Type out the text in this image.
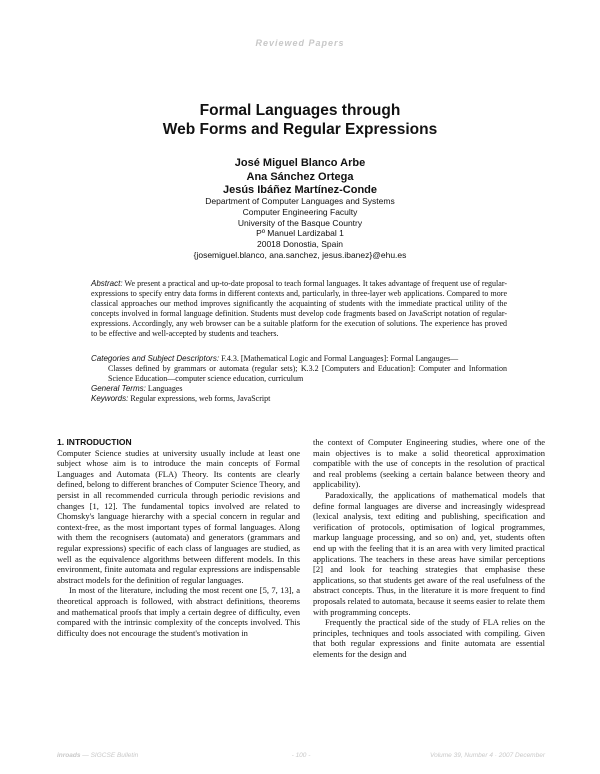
Reviewed Papers
Formal Languages through
Web Forms and Regular Expressions
José Miguel Blanco Arbe
Ana Sánchez Ortega
Jesús Ibáñez Martínez-Conde
Department of Computer Languages and Systems
Computer Engineering Faculty
University of the Basque Country
Pº Manuel Lardizabal 1
20018 Donostia, Spain
{josemiguel.blanco, ana.sanchez, jesus.ibanez}@ehu.es
Abstract: We present a practical and up-to-date proposal to teach formal languages. It takes advantage of frequent use of regular-expressions to specify entry data forms in different contexts and, particularly, in three-layer web applications. Compared to more classical approaches our method improves significantly the acquainting of students with the immediate practical utility of the concepts involved in formal language definition. Students must develop code fragments based on JavaScript notation of regular-expressions. Accordingly, any web browser can be a suitable platform for the execution of solutions. The experience has proved to be effective and well-accepted by students and teachers.

Categories and Subject Descriptors: F.4.3. [Mathematical Logic and Formal Languages]: Formal Langauges—

Classes defined by grammars or automata (regular sets); K.3.2 [Computers and Education]: Computer and Information Science Education—computer science education, curriculum

General Terms: Languages

Keywords: Regular expressions, web forms, JavaScript

1. INTRODUCTION

Computer Science studies at university usually include at least one subject whose aim is to introduce the main concepts of Formal Languages and Automata (FLA) Theory. Its contents are clearly defined, belong to different branches of Computer Science Theory, and persist in all recommended curricula through periodic revisions and changes [1, 12]. The fundamental topics involved are related to Chomsky's language hierarchy with a special concern in regular and context-free, as the most important types of formal languages. Along with them the recognisers (automata) and generators (grammars and regular expressions) specific of each class of languages are studied, as well as the equivalence algorithms between different models. In this environment, finite automata and regular expressions are indispensable abstract models for the definition of regular languages.

In most of the literature, including the most recent one [5, 7, 13], a theoretical approach is followed, with abstract definitions, theorems and mathematical proofs that imply a certain degree of difficulty, even compared with the intrinsic complexity of the concepts involved. This difficulty does not encourage the student's motivation in

the context of Computer Engineering studies, where one of the main objectives is to make a solid theoretical approximation compatible with the use of concepts in the resolution of practical and real problems (seeking a certain balance between theory and applicability).

Paradoxically, the applications of mathematical models that define formal languages are diverse and increasingly widespread (lexical analysis, text editing and publishing, specification and verification of protocols, optimisation of logical programmes, markup language processing, and so on) and, yet, students often end up with the feeling that it is an area with very limited practical applications. The teachers in these areas have similar perceptions [2] and look for teaching strategies that emphasise these applications, so that students get aware of the real usefulness of the abstract concepts. Thus, in the literature it is more frequent to find proposals related to automata, because it seems easier to relate them with programming concepts.

Frequently the practical side of the study of FLA relies on the principles, techniques and tools associated with compiling. Given that both regular expressions and finite automata are essential elements for the design and

inroads — SIGCSE Bulletin	- 100 -	Volume 39, Number 4 · 2007 December
